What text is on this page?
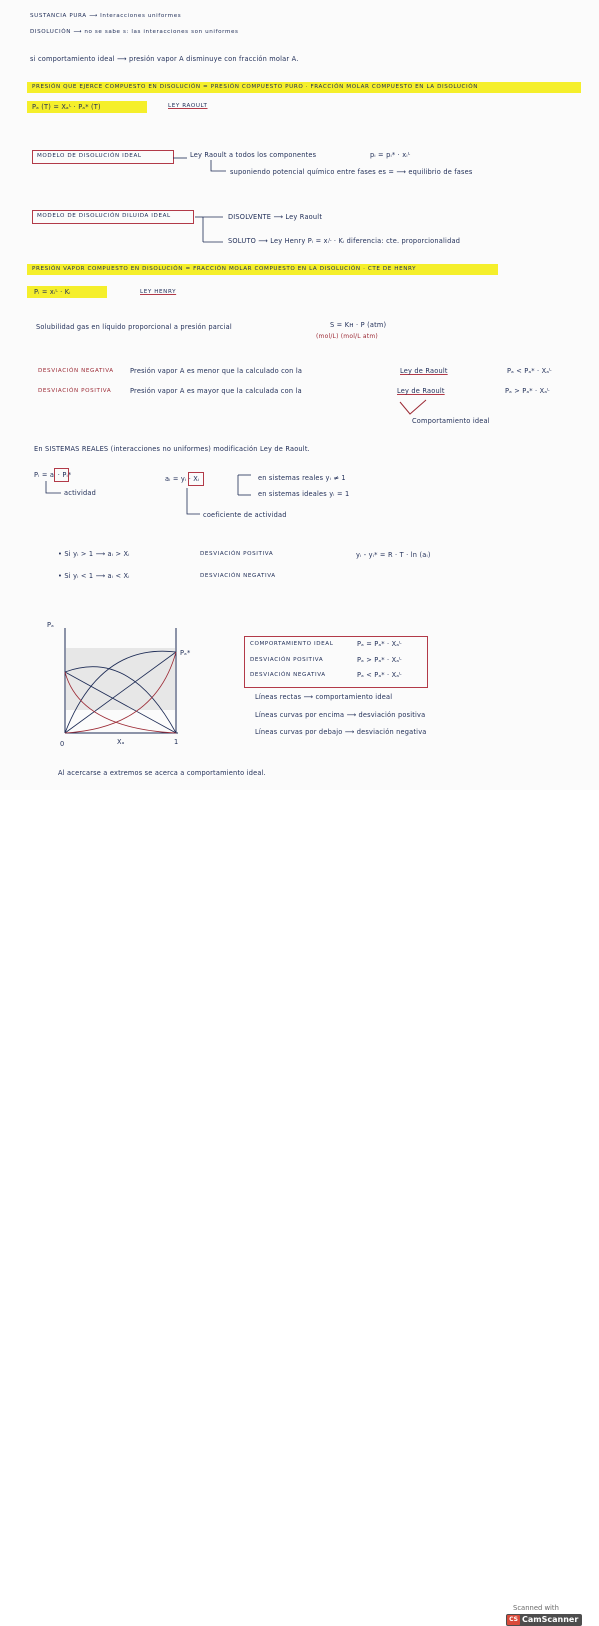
SUSTANCIA PURA ⟶ Interacciones uniformes
DISOLUCIÓN ⟶ no se sabe s: las interacciones son uniformes
si comportamiento ideal ⟶ presión vapor A disminuye con fracción molar A.
PRESIÓN QUE EJERCE COMPUESTO EN DISOLUCIÓN = PRESIÓN COMPUESTO PURO · FRACCIÓN MOLAR COMPUESTO EN LA DISOLUCIÓN
Pₐ (T) = Xₐᴸ · Pₐ* (T)	LEY RAOULT
MODELO DE DISOLUCIÓN IDEAL	Ley Raoult a todos los componentes	pᵢ = pᵢ* · xᵢᴸ
suponiendo potencial químico entre fases es = ⟶ equilibrio de fases
MODELO DE DISOLUCIÓN DILUIDA IDEAL	DISOLVENTE ⟶ Ley Raoult
SOLUTO ⟶ Ley Henry Pᵢ = xᵢᴸ · Kᵢ diferencia: cte. proporcionalidad
PRESIÓN VAPOR COMPUESTO EN DISOLUCIÓN = FRACCIÓN MOLAR COMPUESTO EN LA DISOLUCIÓN · CTE DE HENRY
Pᵢ = xᵢᴸ · Kᵢ	LEY HENRY
Solubilidad gas en líquido proporcional a presión parcial	S = Kʜ · P (atm)
(mol/L) (mol/L atm)
DESVIACIÓN NEGATIVA Presión vapor A es menor que la calculado con la	Ley de Raoult	Pₐ < Pₐ* · Xₐᴸ
DESVIACIÓN POSITIVA	Presión vapor A es mayor que la calculada con la	Ley de Raoult	Pₐ > Pₐ* · Xₐᴸ
Comportamiento ideal
En SISTEMAS REALES (interacciones no uniformes) modificación Ley de Raoult.
Pᵢ = aᵢ · Pᵢ*
actividad
aᵢ = yᵢ · Xᵢ	en sistemas reales yᵢ ≠ 1
en sistemas ideales yᵢ = 1
coeficiente de actividad
• Si yᵢ > 1 ⟶ aᵢ > Xᵢ	DESVIACIÓN POSITIVA
• Si yᵢ < 1 ⟶ aᵢ < Xᵢ	DESVIACIÓN NEGATIVA
yᵢ - yᵢ* = R · T · ln (aᵢ)
Pₐ
Pₐ*
0	Xₐ	1
COMPORTAMIENTO IDEAL	Pₐ = Pₐ* · Xₐᴸ
DESVIACIÓN POSITIVA	Pₐ > Pₐ* · Xₐᴸ
DESVIACIÓN NEGATIVA	Pₐ < Pₐ* · Xₐᴸ
Líneas rectas ⟶ comportamiento ideal
Líneas curvas por encima ⟶ desviación positiva
Líneas curvas por debajo ⟶ desviación negativa
Al acercarse a extremos se acerca a comportamiento ideal.
Scanned with
CS CamScanner
